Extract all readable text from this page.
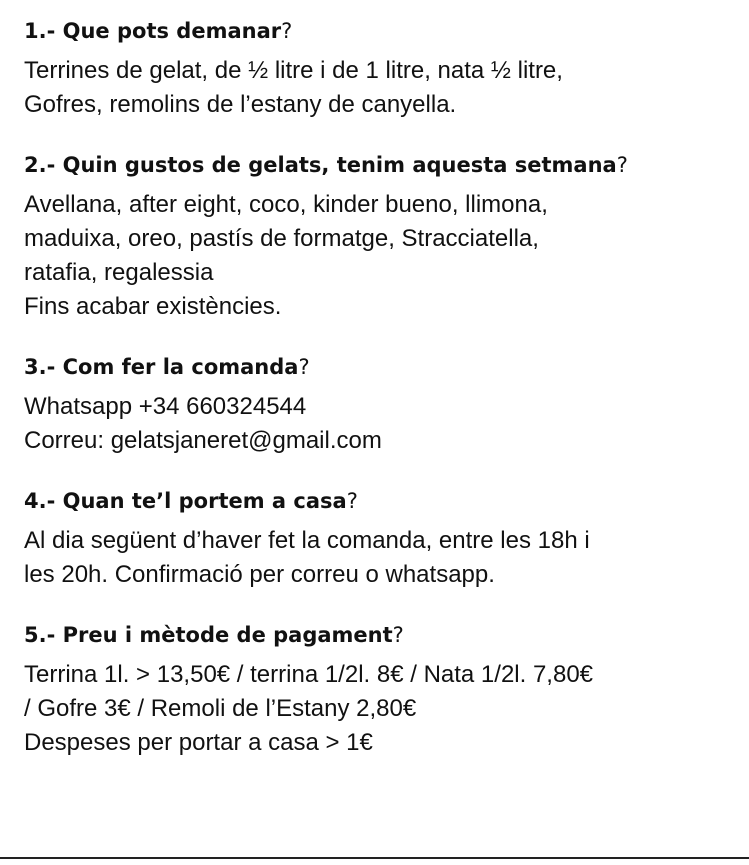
1.- Que pots demanar?

Terrines de gelat, de ½ litre i de 1 litre, nata ½ litre,

Gofres, remolins de l’estany de canyella.

2.- Quin gustos de gelats, tenim aquesta setmana?

Avellana, after eight, coco, kinder bueno, llimona,

maduixa, oreo, pastís de formatge, Stracciatella,

ratafia, regalessia

Fins acabar existències.

3.- Com fer la comanda?

Whatsapp +34 660324544

Correu: gelatsjaneret@gmail.com

4.- Quan te’l portem a casa?

Al dia següent d’haver fet la comanda, entre les 18h i

les 20h. Confirmació per correu o whatsapp.

5.- Preu i mètode de pagament?

Terrina 1l. > 13,50€ / terrina 1/2l. 8€ / Nata 1/2l. 7,80€

/ Gofre 3€ / Remoli de l’Estany 2,80€

Despeses per portar a casa > 1€
